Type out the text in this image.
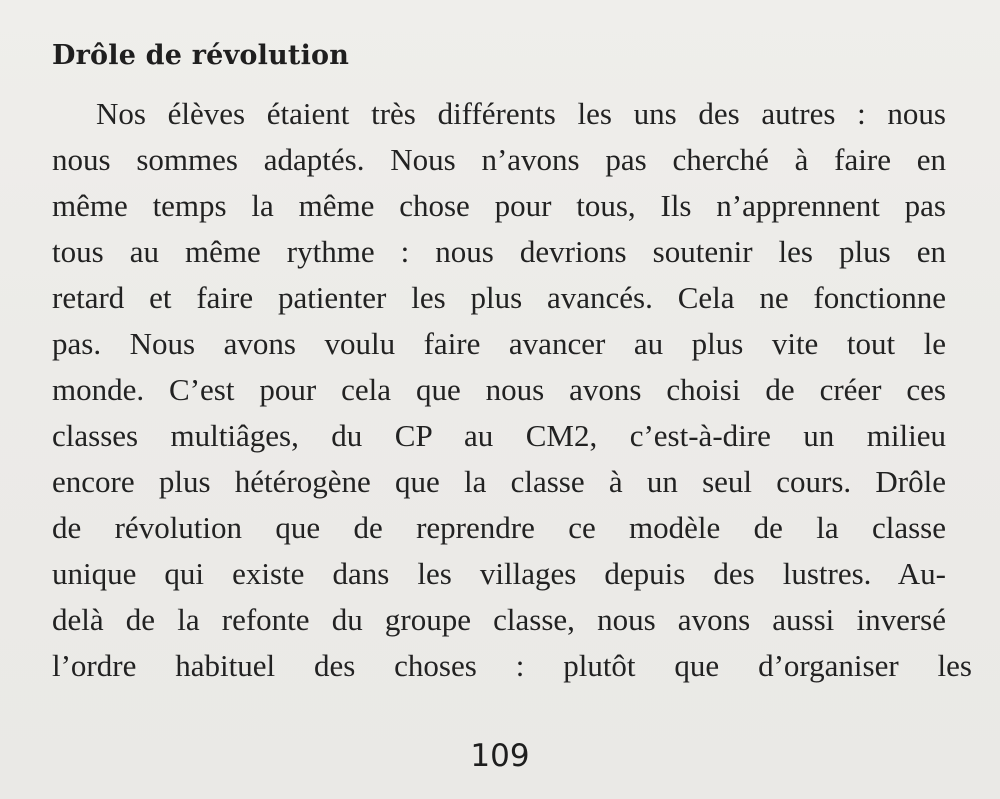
Drôle de révolution

Nos élèves étaient très différents les uns des autres : nous

nous sommes adaptés. Nous n’avons pas cherché à faire en

même temps la même chose pour tous, Ils n’apprennent pas

tous au même rythme : nous devrions soutenir les plus en

retard et faire patienter les plus avancés. Cela ne fonctionne

pas. Nous avons voulu faire avancer au plus vite tout le

monde. C’est pour cela que nous avons choisi de créer ces

classes multiâges, du CP au CM2, c’est-à-dire un milieu

encore plus hétérogène que la classe à un seul cours. Drôle

de révolution que de reprendre ce modèle de la classe

unique qui existe dans les villages depuis des lustres. Au-

delà de la refonte du groupe classe, nous avons aussi inversé

l’ordre habituel des choses : plutôt que d’organiser les

109
